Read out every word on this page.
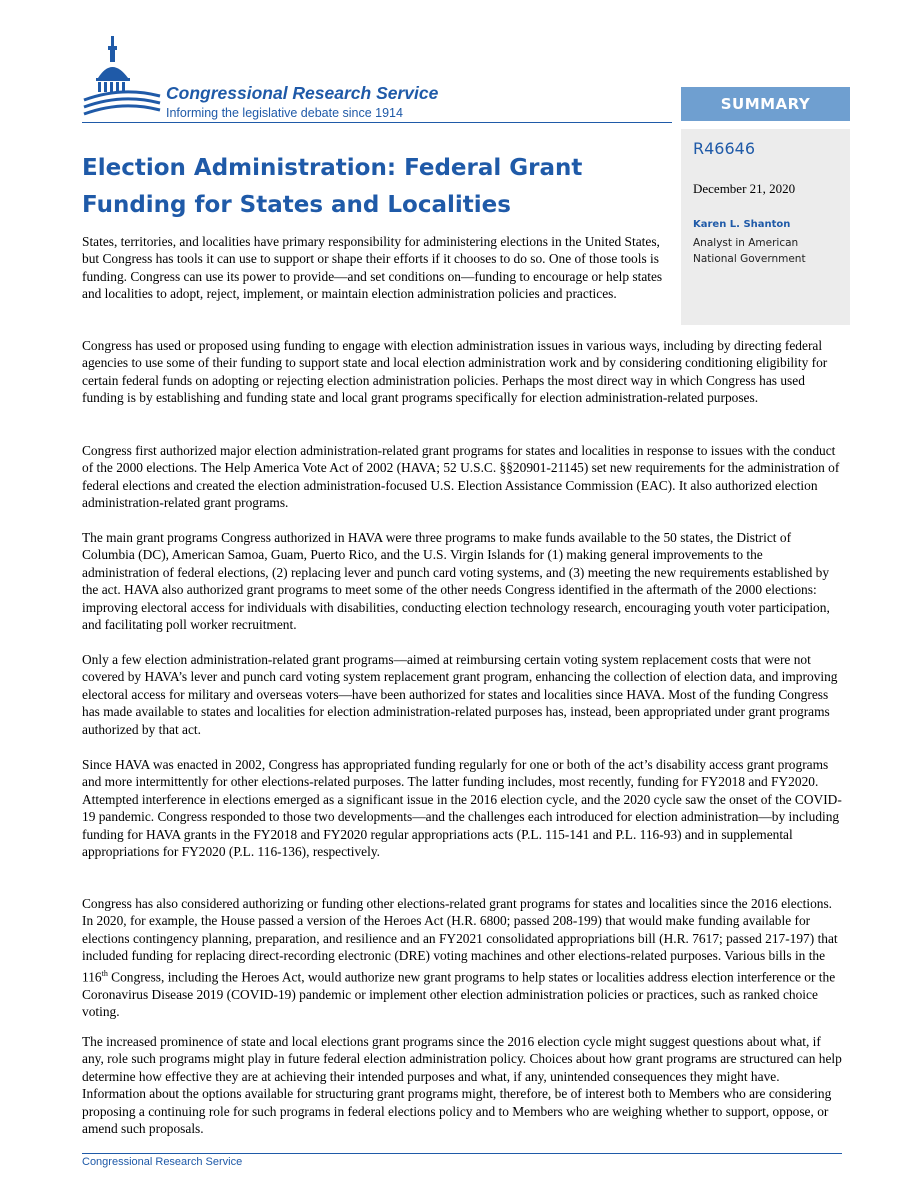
Congressional Research Service
Informing the legislative debate since 1914	SUMMARY
R46646
December 21, 2020
Karen L. Shanton
Analyst in American National Government
Election Administration: Federal Grant Funding for States and Localities

States, territories, and localities have primary responsibility for administering elections in the United States, but Congress has tools it can use to support or shape their efforts if it chooses to do so. One of those tools is funding. Congress can use its power to provide—and set conditions on—funding to encourage or help states and localities to adopt, reject, implement, or maintain election administration policies and practices.

Congress has used or proposed using funding to engage with election administration issues in various ways, including by directing federal agencies to use some of their funding to support state and local election administration work and by considering conditioning eligibility for certain federal funds on adopting or rejecting election administration policies. Perhaps the most direct way in which Congress has used funding is by establishing and funding state and local grant programs specifically for election administration-related purposes.

Congress first authorized major election administration-related grant programs for states and localities in response to issues with the conduct of the 2000 elections. The Help America Vote Act of 2002 (HAVA; 52 U.S.C. §§20901-21145) set new requirements for the administration of federal elections and created the election administration-focused U.S. Election Assistance Commission (EAC). It also authorized election administration-related grant programs.

The main grant programs Congress authorized in HAVA were three programs to make funds available to the 50 states, the District of Columbia (DC), American Samoa, Guam, Puerto Rico, and the U.S. Virgin Islands for (1) making general improvements to the administration of federal elections, (2) replacing lever and punch card voting systems, and (3) meeting the new requirements established by the act. HAVA also authorized grant programs to meet some of the other needs Congress identified in the aftermath of the 2000 elections: improving electoral access for individuals with disabilities, conducting election technology research, encouraging youth voter participation, and facilitating poll worker recruitment.

Only a few election administration-related grant programs—aimed at reimbursing certain voting system replacement costs that were not covered by HAVA’s lever and punch card voting system replacement grant program, enhancing the collection of election data, and improving electoral access for military and overseas voters—have been authorized for states and localities since HAVA. Most of the funding Congress has made available to states and localities for election administration-related purposes has, instead, been appropriated under grant programs authorized by that act.

Since HAVA was enacted in 2002, Congress has appropriated funding regularly for one or both of the act’s disability access grant programs and more intermittently for other elections-related purposes. The latter funding includes, most recently, funding for FY2018 and FY2020. Attempted interference in elections emerged as a significant issue in the 2016 election cycle, and the 2020 cycle saw the onset of the COVID-19 pandemic. Congress responded to those two developments—and the challenges each introduced for election administration—by including funding for HAVA grants in the FY2018 and FY2020 regular appropriations acts (P.L. 115-141 and P.L. 116-93) and in supplemental appropriations for FY2020 (P.L. 116-136), respectively.

Congress has also considered authorizing or funding other elections-related grant programs for states and localities since the 2016 elections. In 2020, for example, the House passed a version of the Heroes Act (H.R. 6800; passed 208-199) that would make funding available for elections contingency planning, preparation, and resilience and an FY2021 consolidated appropriations bill (H.R. 7617; passed 217-197) that included funding for replacing direct-recording electronic (DRE) voting machines and other elections-related purposes. Various bills in the 116th Congress, including the Heroes Act, would authorize new grant programs to help states or localities address election interference or the Coronavirus Disease 2019 (COVID-19) pandemic or implement other election administration policies or practices, such as ranked choice voting.

The increased prominence of state and local elections grant programs since the 2016 election cycle might suggest questions about what, if any, role such programs might play in future federal election administration policy. Choices about how grant programs are structured can help determine how effective they are at achieving their intended purposes and what, if any, unintended consequences they might have. Information about the options available for structuring grant programs might, therefore, be of interest both to Members who are considering proposing a continuing role for such programs in federal elections policy and to Members who are weighing whether to support, oppose, or amend such proposals.

Congressional Research Service
